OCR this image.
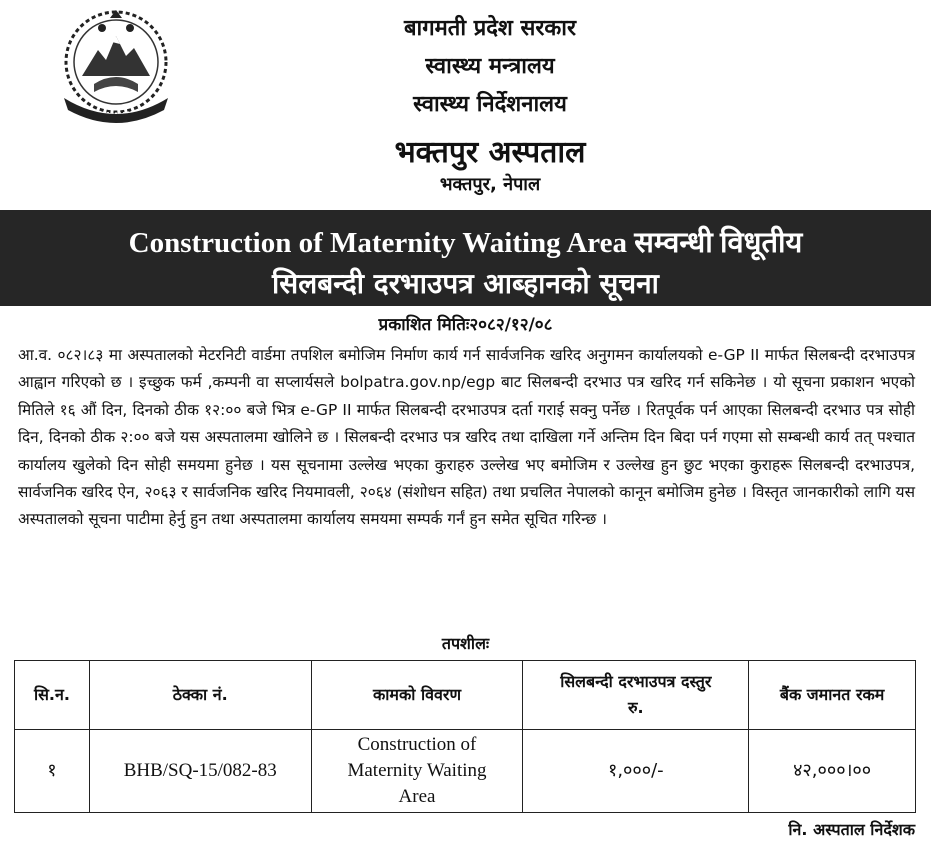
बागमती प्रदेश सरकार
स्वास्थ्य मन्त्रालय
स्वास्थ्य निर्देशनालय
भक्तपुर अस्पताल
भक्तपुर, नेपाल
Construction of Maternity Waiting Area सम्वन्धी विधूतीय
सिलबन्दी दरभाउपत्र आब्हानको सूचना
प्रकाशित मितिः२०८२/१२/०८
आ.व. ०८२।८३ मा अस्पतालको मेटरनिटी वार्डमा तपशिल बमोजिम निर्माण कार्य गर्न सार्वजनिक खरिद अनुगमन कार्यालयको e-GP II मार्फत सिलबन्दी दरभाउपत्र आह्वान गरिएको छ । इच्छुक फर्म ,कम्पनी वा सप्लार्यसले bolpatra.gov.np/egp बाट सिलबन्दी दरभाउ पत्र खरिद गर्न सकिनेछ । यो सूचना प्रकाशन भएको मितिले १६ औं दिन, दिनको ठीक १२:०० बजे भित्र e-GP II मार्फत सिलबन्दी दरभाउपत्र दर्ता गराई सक्नु पर्नेछ । रितपूर्वक पर्न आएका सिलबन्दी दरभाउ पत्र सोही दिन, दिनको ठीक २:०० बजे यस अस्पतालमा खोलिने छ । सिलबन्दी दरभाउ पत्र खरिद तथा दाखिला गर्ने अन्तिम दिन बिदा पर्न गएमा सो सम्बन्धी कार्य तत् पश्चात कार्यालय खुलेको दिन सोही समयमा हुनेछ । यस सूचनामा उल्लेख भएका कुराहरु उल्लेख भए बमोजिम र उल्लेख हुन छुट भएका कुराहरू सिलबन्दी दरभाउपत्र, सार्वजनिक खरिद ऐन, २०६३ र सार्वजनिक खरिद नियमावली, २०६४ (संशोधन सहित) तथा प्रचलित नेपालको कानून बमोजिम हुनेछ । विस्तृत जानकारीको लागि यस अस्पतालको सूचना पाटीमा हेर्नु हुन तथा अस्पतालमा कार्यालय समयमा सम्पर्क गर्नं हुन समेत सूचित गरिन्छ ।
तपशीलः
सि.न.	ठेक्का नं.	कामको विवरण	सिलबन्दी दरभाउपत्र दस्तुर रु.	बैंक जमानत रकम
१	BHB/SQ-15/082-83	Construction of Maternity Waiting Area	१,०००/-	४२,०००।००
नि. अस्पताल निर्देशक
